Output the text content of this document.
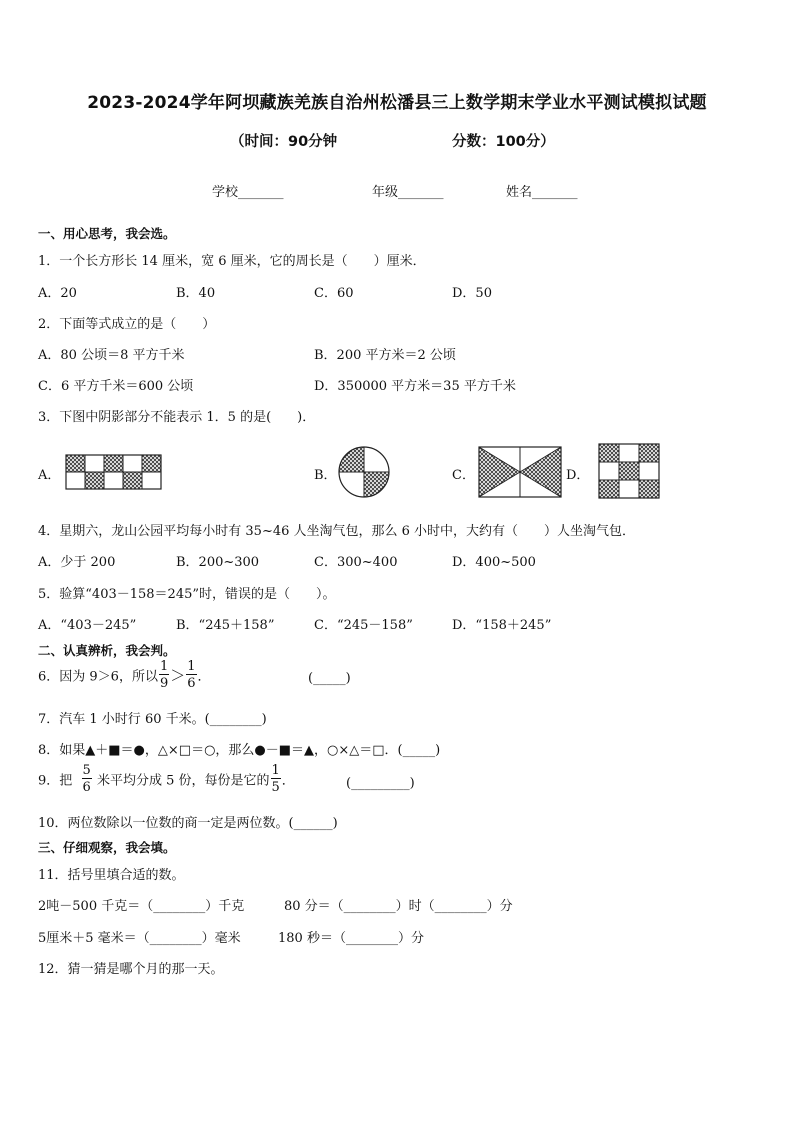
2023-2024学年阿坝藏族羌族自治州松潘县三上数学期末学业水平测试模拟试题
（时间：90分钟	分数：100分）
学校_______	年级_______	姓名_______
一、用心思考，我会选。
1．一个长方形长 14 厘米，宽 6 厘米，它的周长是（　　）厘米．
A．20	B．40	C．60	D．50
2．下面等式成立的是（　　）
A．80 公顷＝8 平方千米	B．200 平方米＝2 公顷
C．6 平方千米＝600 公顷	D．350000 平方米＝35 平方千米
3．下图中阴影部分不能表示 1．5 的是(　　)．
A．	B．	C．	D．
4．星期六，龙山公园平均每小时有 35~46 人坐淘气包，那么 6 小时中，大约有（　　）人坐淘气包．
A．少于 200	B．200~300	C．300~400	D．400~500
5．验算“403－158＝245”时，错误的是（　　）。
A．“403－245”	B．“245＋158”	C．“245－158”	D．“158＋245”
二、认真辨析，我会判。
6．因为 9＞6，所以 $\frac{1}{9} > \frac{1}{6}$ ．	(_____)
7．汽车 1 小时行 60 千米。(________)
8．如果▲＋■＝●，△×□＝○，那么●－■＝▲，○×△＝□．(_____)
9．把 $\frac{5}{6}$ 米平均分成 5 份，每份是它的 $\frac{1}{5}$ ．	(_________)
10．两位数除以一位数的商一定是两位数。(______)
三、仔细观察，我会填。
11．括号里填合适的数。
2吨－500 千克＝（________）千克	80 分＝（________）时（________）分
5厘米＋5 毫米＝（________）毫米	180 秒＝（________）分
12．猜一猜是哪个月的那一天。
